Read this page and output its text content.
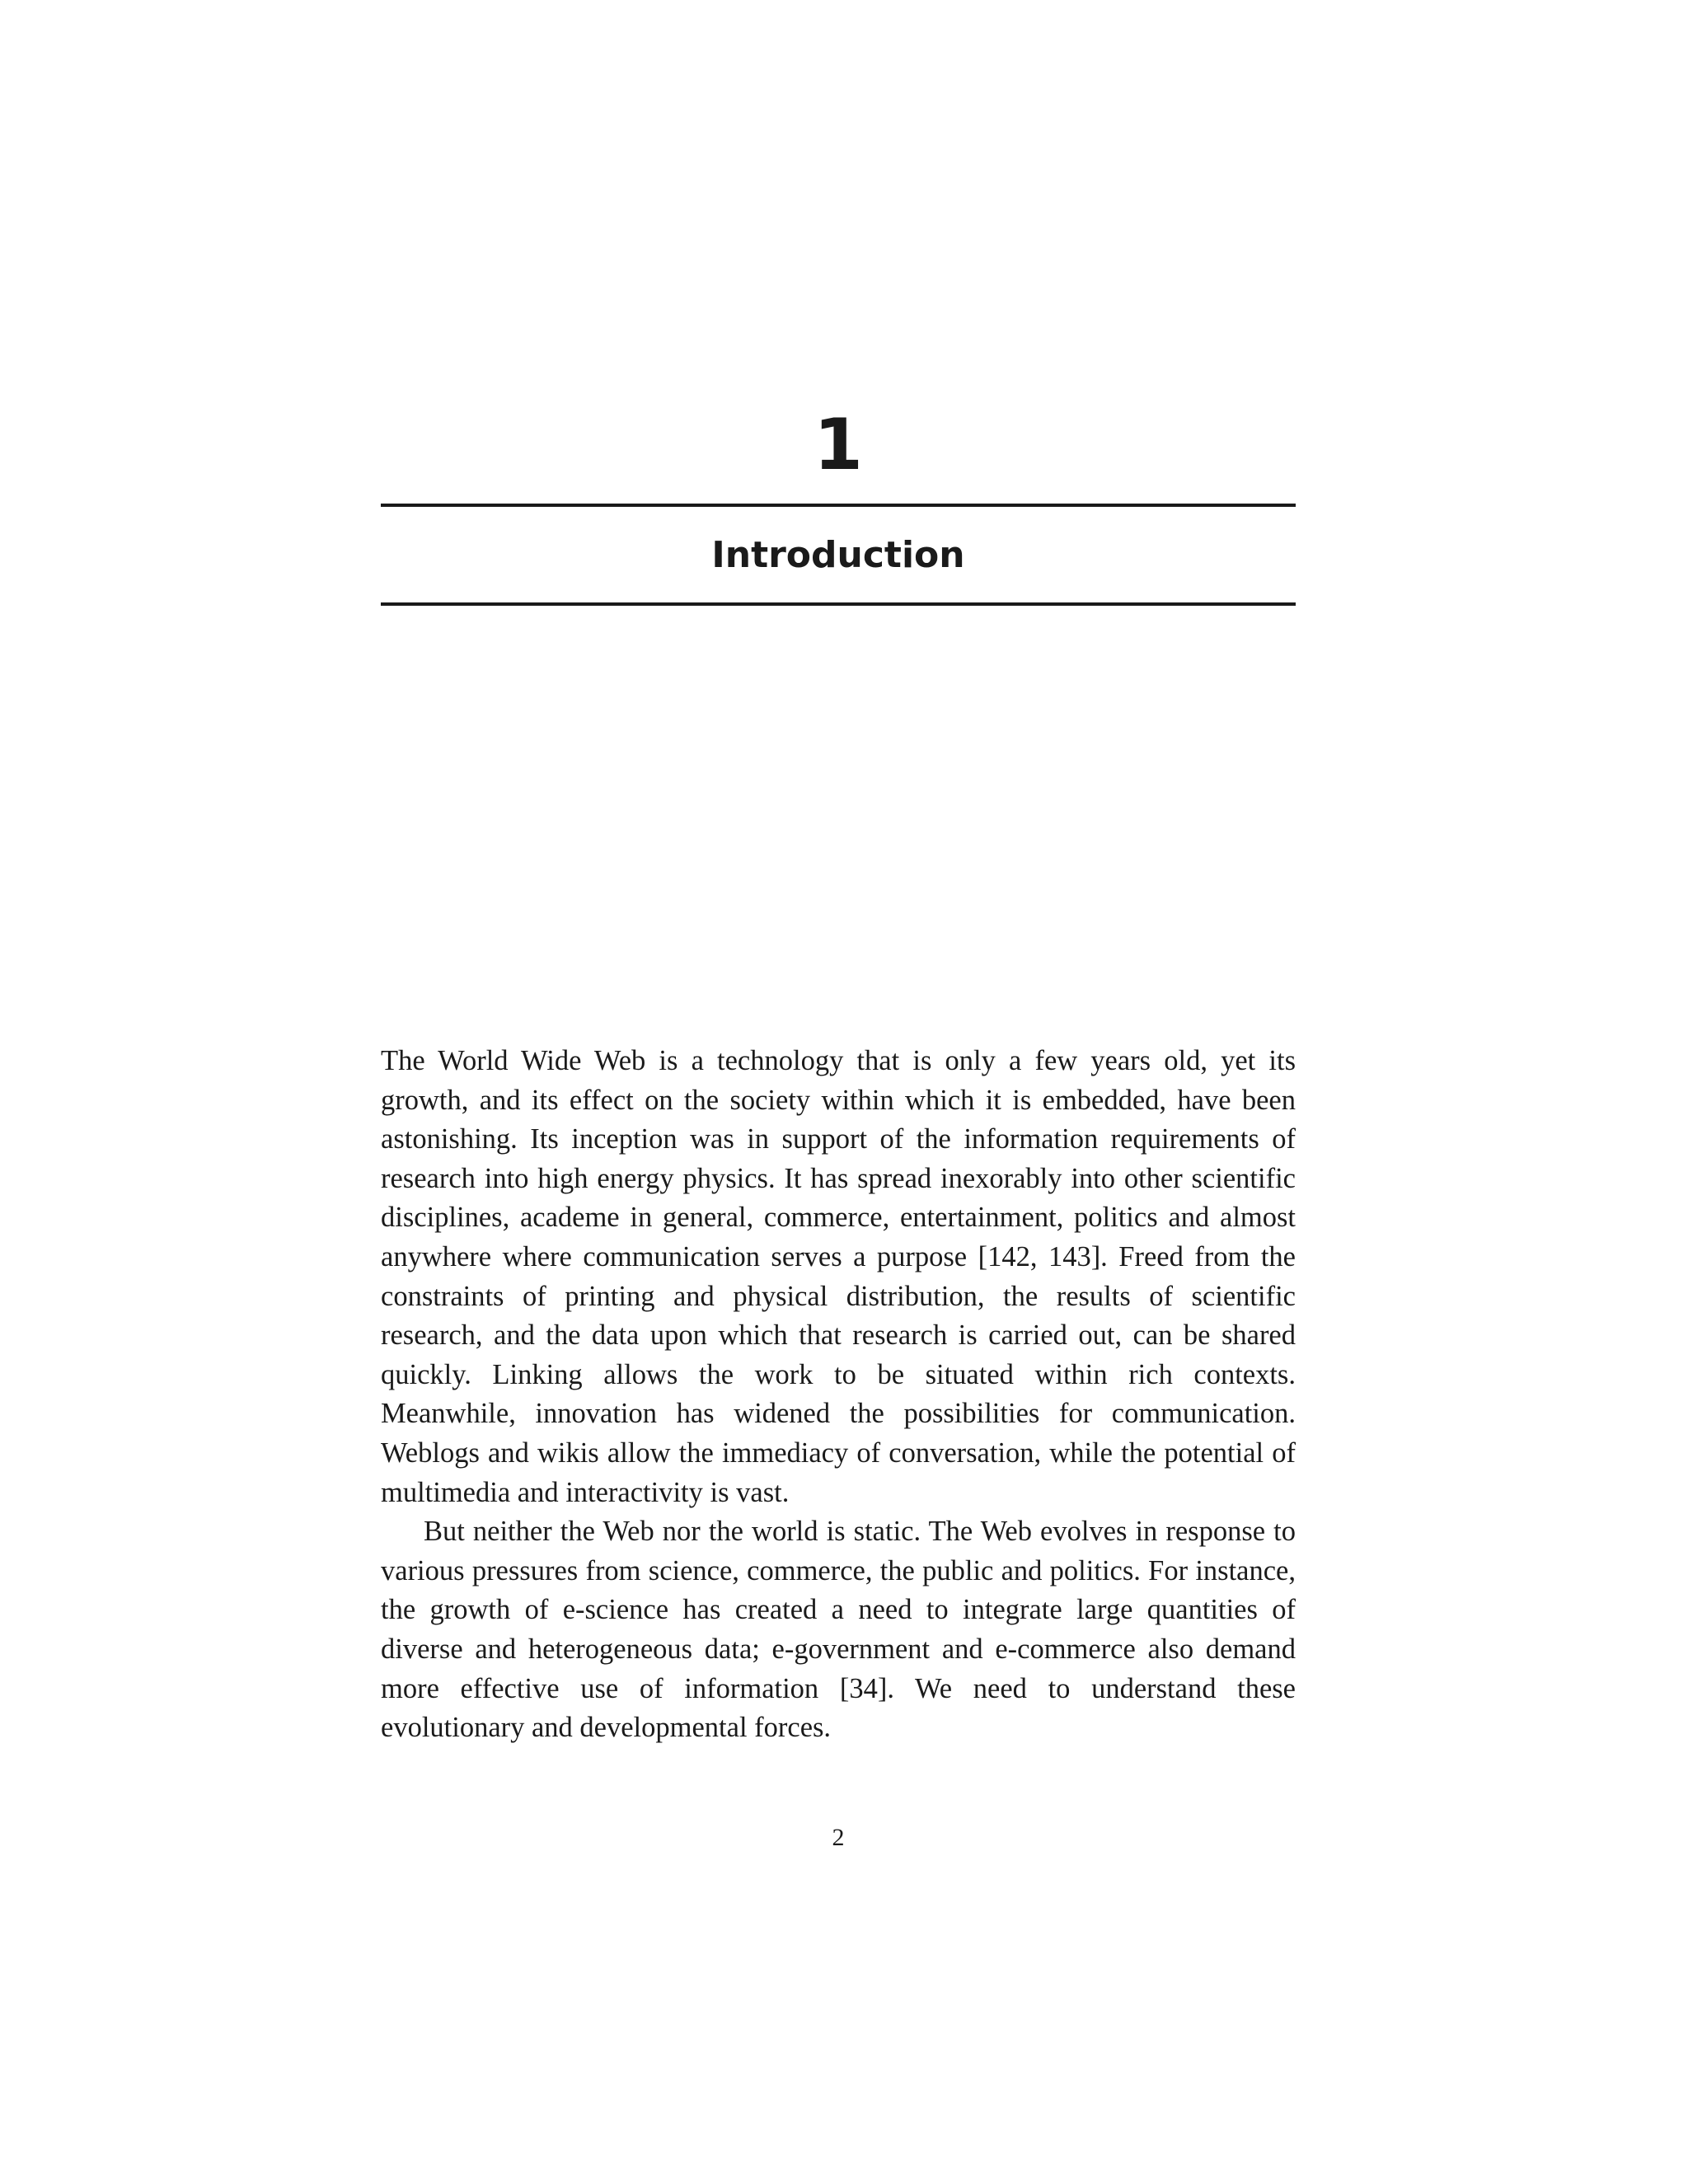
1
Introduction

The World Wide Web is a technology that is only a few years old, yet its growth, and its effect on the society within which it is embedded, have been astonishing. Its inception was in support of the information requirements of research into high energy physics. It has spread inexorably into other scientific disciplines, academe in general, commerce, entertainment, politics and almost anywhere where communication serves a purpose [142, 143]. Freed from the constraints of printing and physical distribution, the results of scientific research, and the data upon which that research is carried out, can be shared quickly. Linking allows the work to be situated within rich contexts. Meanwhile, innovation has widened the possibilities for communication. Weblogs and wikis allow the immediacy of conversation, while the potential of multimedia and interactivity is vast.

But neither the Web nor the world is static. The Web evolves in response to various pressures from science, commerce, the public and politics. For instance, the growth of e-science has created a need to integrate large quantities of diverse and heterogeneous data; e-government and e-commerce also demand more effective use of information [34]. We need to understand these evolutionary and developmental forces.

2
